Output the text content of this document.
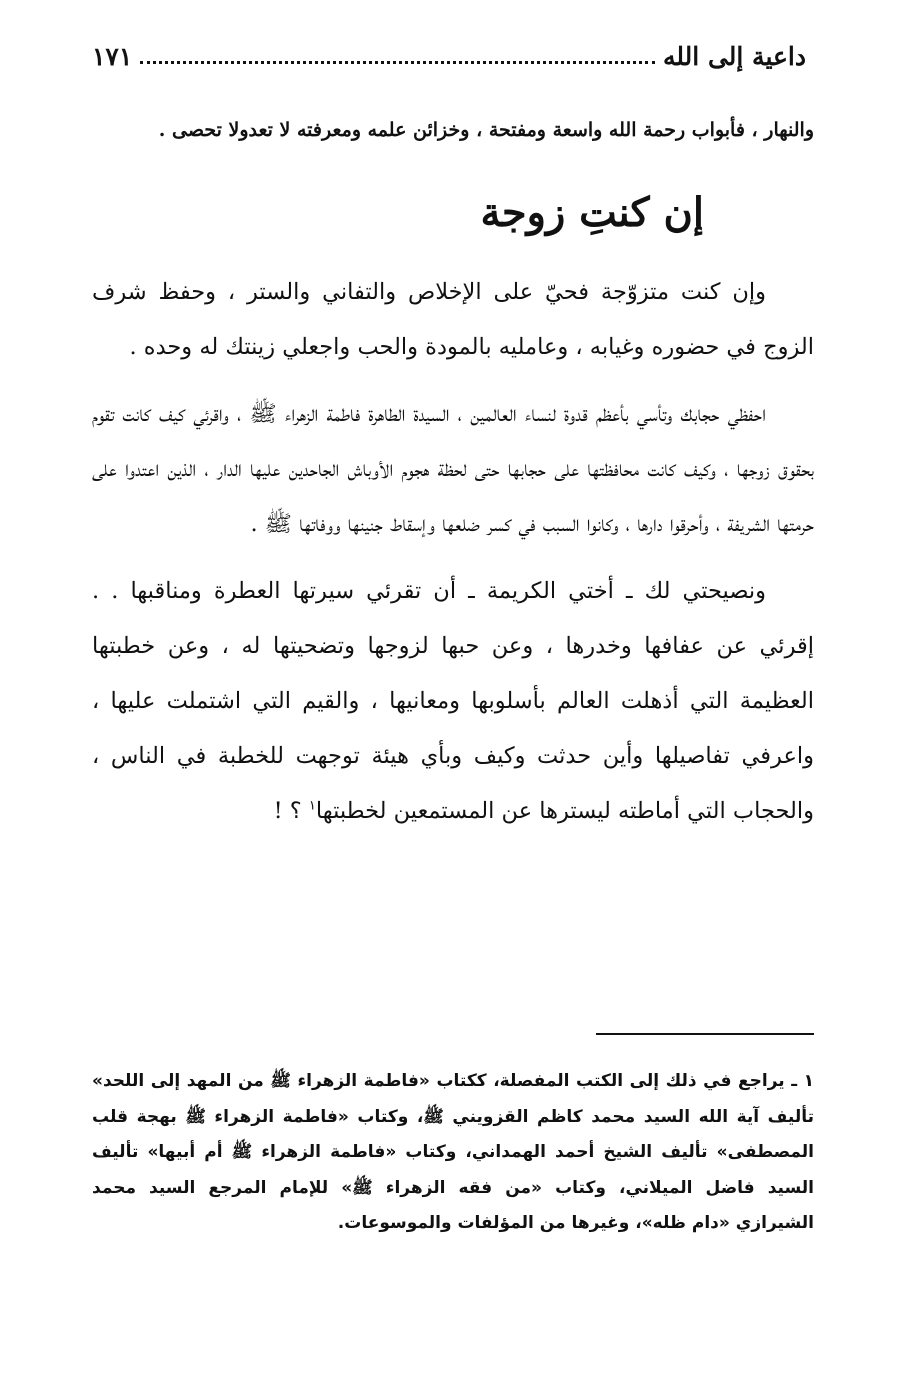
داعية إلى الله
١٧١

والنهار ، فأبواب رحمة الله واسعة ومفتحة ، وخزائن علمه ومعرفته لا تعدولا تحصى .

إن كنتِ زوجة

وإن كنت متزوّجة فحيّ على الإخلاص والتفاني والستر ، وحفظ شرف الزوج في حضوره وغيابه ، وعامليه بالمودة والحب واجعلي زينتك له وحده .

احفظي حجابك وتأسي بأعظم قدوة لنساء العالمين ، السيدة الطاهرة فاطمة الزهراء ﷺ ، واقرئي كيف كانت تقوم بحقوق زوجها ، وكيف كانت محافظتها على حجابها حتى لحظة هجوم الأوباش الجاحدين عليها الدار ، الذين اعتدوا على حرمتها الشريفة ، وأحرقوا دارها ، وكانوا السبب في كسر ضلعها وإسقاط جنينها ووفاتها ﷺ .

ونصيحتي لك ـ أختي الكريمة ـ أن تقرئي سيرتها العطرة ومناقبها . . إقرئي عن عفافها وخدرها ، وعن حبها لزوجها وتضحيتها له ، وعن خطبتها العظيمة التي أذهلت العالم بأسلوبها ومعانيها ، والقيم التي اشتملت عليها ، واعرفي تفاصيلها وأين حدثت وكيف وبأي هيئة توجهت للخطبة في الناس ، والحجاب التي أماطته ليسترها عن المستمعين لخطبتها$^١$ ؟ !

١ ـ يراجع في ذلك إلى الكتب المفصلة، ككتاب «فاطمة الزهراء ﷺ من المهد إلى اللحد» تأليف آية الله السيد محمد كاظم القزويني ﷺ، وكتاب «فاطمة الزهراء ﷺ بهجة قلب المصطفى» تأليف الشيخ أحمد الهمداني، وكتاب «فاطمة الزهراء ﷺ أم أبيها» تأليف السيد فاضل الميلاني، وكتاب «من فقه الزهراء ﷺ» للإمام المرجع السيد محمد الشيرازي «دام ظله»، وغيرها من المؤلفات والموسوعات.
